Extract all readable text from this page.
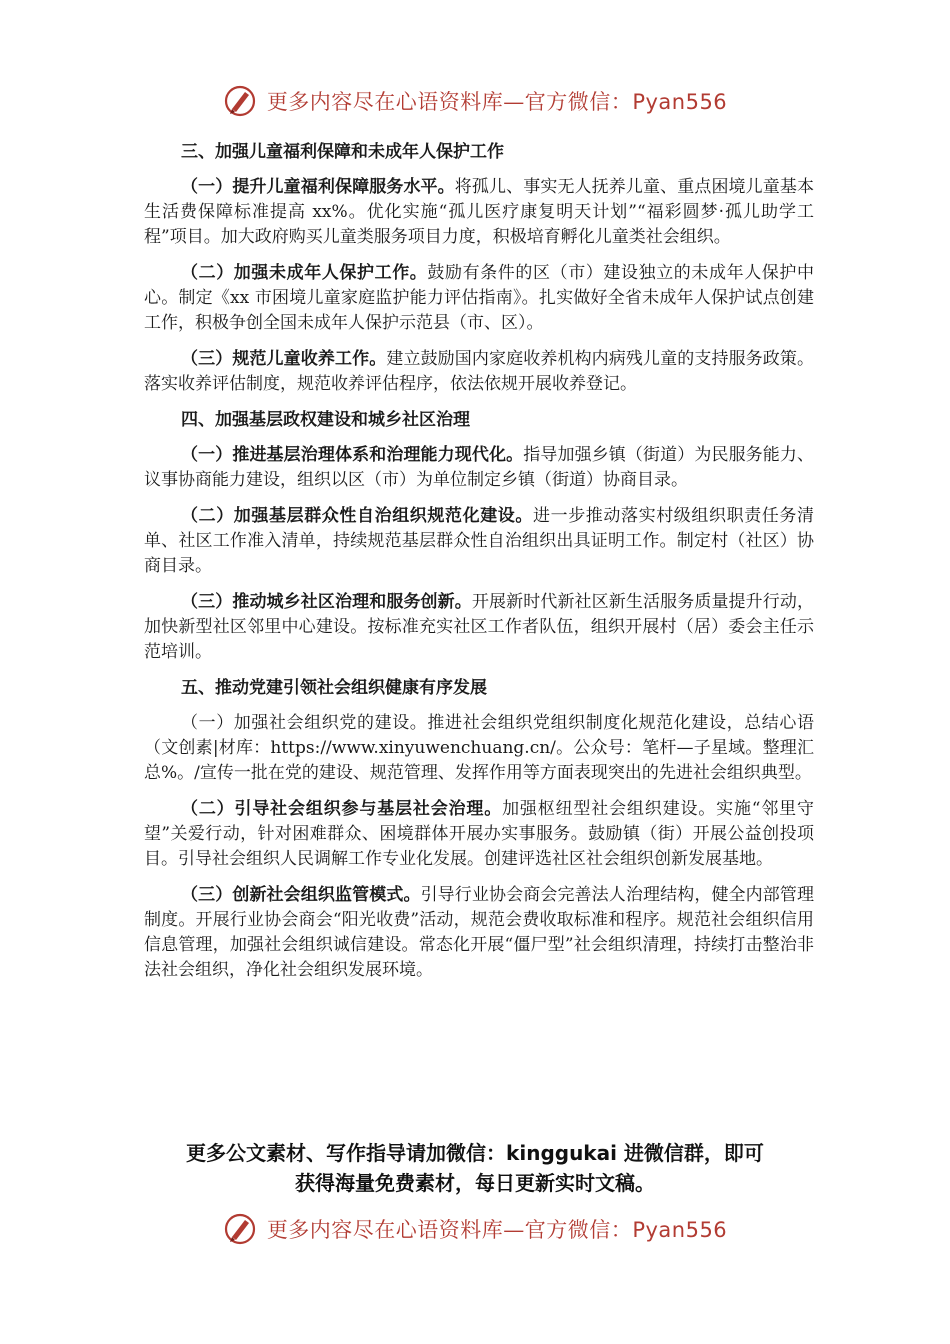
更多内容尽在心语资料库—官方微信：Pyan556
三、加强儿童福利保障和未成年人保护工作

（一）提升儿童福利保障服务水平。将孤儿、事实无人抚养儿童、重点困境儿童基本生活费保障标准提高 xx%。优化实施“孤儿医疗康复明天计划”“福彩圆梦·孤儿助学工程”项目。加大政府购买儿童类服务项目力度，积极培育孵化儿童类社会组织。

（二）加强未成年人保护工作。鼓励有条件的区（市）建设独立的未成年人保护中心。制定《xx 市困境儿童家庭监护能力评估指南》。扎实做好全省未成年人保护试点创建工作，积极争创全国未成年人保护示范县（市、区）。

（三）规范儿童收养工作。建立鼓励国内家庭收养机构内病残儿童的支持服务政策。落实收养评估制度，规范收养评估程序，依法依规开展收养登记。

四、加强基层政权建设和城乡社区治理

（一）推进基层治理体系和治理能力现代化。指导加强乡镇（街道）为民服务能力、议事协商能力建设，组织以区（市）为单位制定乡镇（街道）协商目录。

（二）加强基层群众性自治组织规范化建设。进一步推动落实村级组织职责任务清单、社区工作准入清单，持续规范基层群众性自治组织出具证明工作。制定村（社区）协商目录。

（三）推动城乡社区治理和服务创新。开展新时代新社区新生活服务质量提升行动，加快新型社区邻里中心建设。按标准充实社区工作者队伍，组织开展村（居）委会主任示范培训。

五、推动党建引领社会组织健康有序发展

（一）加强社会组织党的建设。推进社会组织党组织制度化规范化建设，总结心语（文创素|材库：https://www.xinyuwenchuang.cn/。公众号：笔杆—子星域。整理汇总%。/宣传一批在党的建设、规范管理、发挥作用等方面表现突出的先进社会组织典型。

（二）引导社会组织参与基层社会治理。加强枢纽型社会组织建设。实施“邻里守望”关爱行动，针对困难群众、困境群体开展办实事服务。鼓励镇（街）开展公益创投项目。引导社会组织人民调解工作专业化发展。创建评选社区社会组织创新发展基地。

（三）创新社会组织监管模式。引导行业协会商会完善法人治理结构，健全内部管理制度。开展行业协会商会“阳光收费”活动，规范会费收取标准和程序。规范社会组织信用信息管理，加强社会组织诚信建设。常态化开展“僵尸型”社会组织清理，持续打击整治非法社会组织，净化社会组织发展环境。

更多公文素材、写作指导请加微信：kinggukai 进微信群，即可
获得海量免费素材，每日更新实时文稿。
更多内容尽在心语资料库—官方微信：Pyan556
